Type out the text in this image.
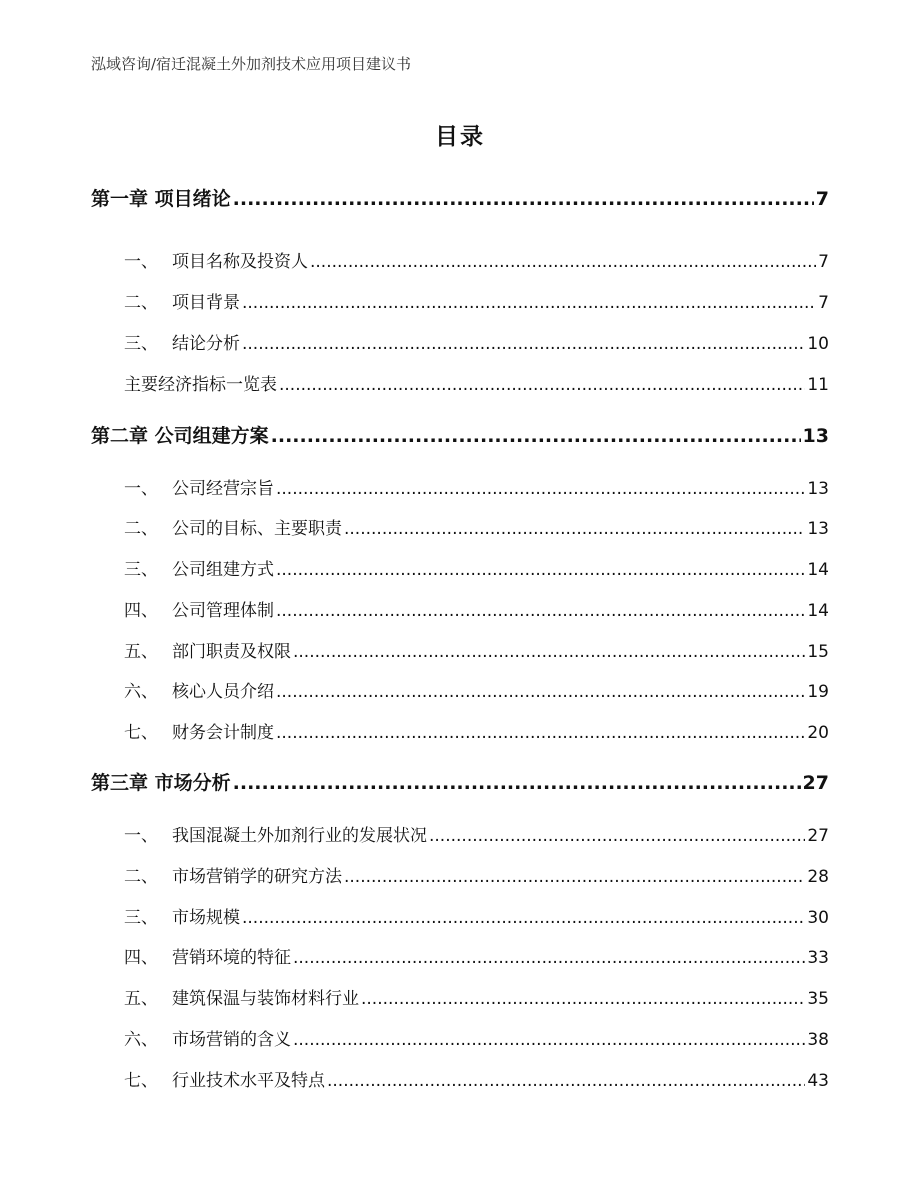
泓域咨询/宿迁混凝土外加剂技术应用项目建议书
目录
第一章 项目绪论 .....	7
一、 项目名称及投资人 .....	7
二、 项目背景 .....	7
三、 结论分析 .....	10
主要经济指标一览表 .....	11
第二章 公司组建方案 .....	13
一、 公司经营宗旨 .....	13
二、 公司的目标、主要职责 .....	13
三、 公司组建方式 .....	14
四、 公司管理体制 .....	14
五、 部门职责及权限 .....	15
六、 核心人员介绍 .....	19
七、 财务会计制度 .....	20
第三章 市场分析 .....	27
一、 我国混凝土外加剂行业的发展状况 .....	27
二、 市场营销学的研究方法 .....	28
三、 市场规模 .....	30
四、 营销环境的特征 .....	33
五、 建筑保温与装饰材料行业 .....	35
六、 市场营销的含义 .....	38
七、 行业技术水平及特点 .....	43
